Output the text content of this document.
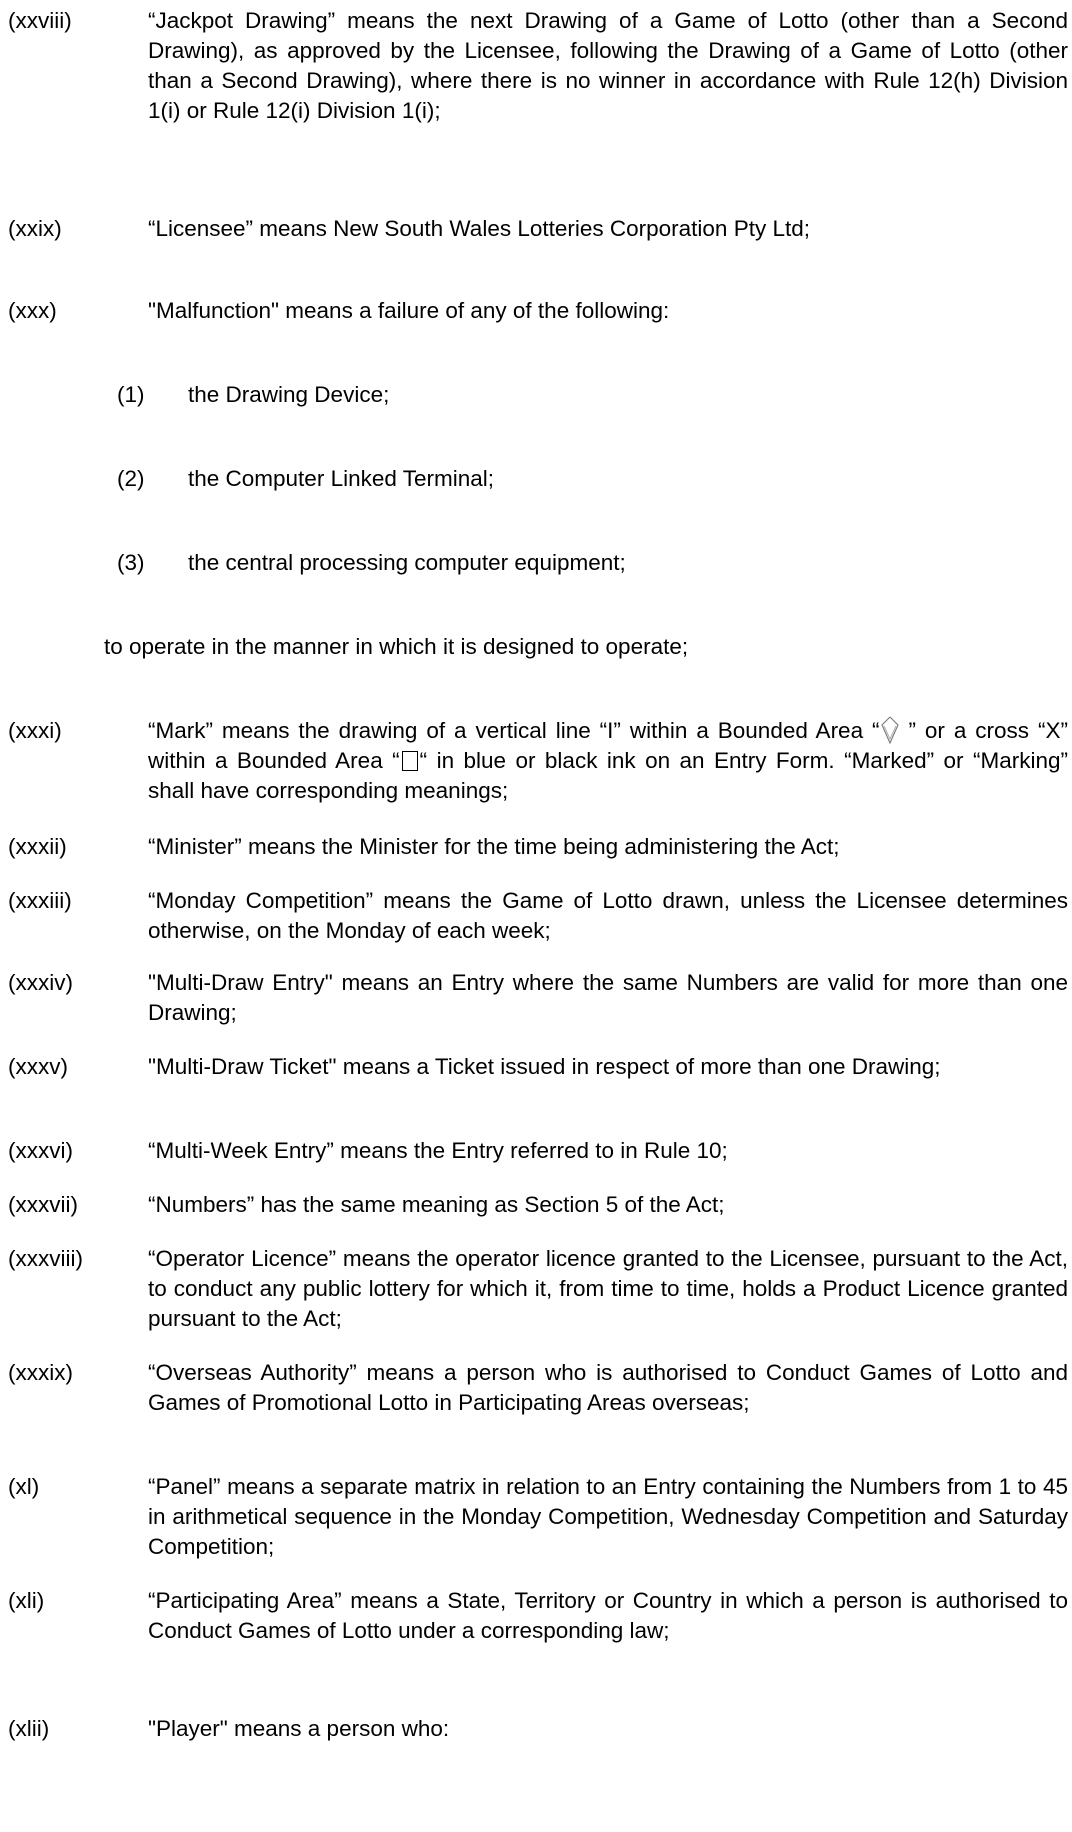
(xxviii)	“Jackpot Drawing” means the next Drawing of a Game of Lotto (other than a Second Drawing), as approved by the Licensee, following the Drawing of a Game of Lotto (other than a Second Drawing), where there is no winner in accordance with Rule 12(h) Division 1(i) or Rule 12(i) Division 1(i);
(xxix)	“Licensee” means New South Wales Lotteries Corporation Pty Ltd;
(xxx)	"Malfunction" means a failure of any of the following:
(1) the Drawing Device;
(2) the Computer Linked Terminal;
(3) the central processing computer equipment;
to operate in the manner in which it is designed to operate;
(xxxi)	“Mark” means the drawing of a vertical line “I” within a Bounded Area “ ” or a cross “X” within a Bounded Area “ “ in blue or black ink on an Entry Form. “Marked” or “Marking” shall have corresponding meanings;
(xxxii)	“Minister” means the Minister for the time being administering the Act;
(xxxiii)	“Monday Competition” means the Game of Lotto drawn, unless the Licensee determines otherwise, on the Monday of each week;
(xxxiv)	"Multi-Draw Entry" means an Entry where the same Numbers are valid for more than one Drawing;
(xxxv)	"Multi-Draw Ticket" means a Ticket issued in respect of more than one Drawing;
(xxxvi)	“Multi-Week Entry” means the Entry referred to in Rule 10;
(xxxvii)	“Numbers” has the same meaning as Section 5 of the Act;
(xxxviii)	“Operator Licence” means the operator licence granted to the Licensee, pursuant to the Act, to conduct any public lottery for which it, from time to time, holds a Product Licence granted pursuant to the Act;
(xxxix)	“Overseas Authority” means a person who is authorised to Conduct Games of Lotto and Games of Promotional Lotto in Participating Areas overseas;
(xl)	“Panel” means a separate matrix in relation to an Entry containing the Numbers from 1 to 45 in arithmetical sequence in the Monday Competition, Wednesday Competition and Saturday Competition;
(xli)	“Participating Area” means a State, Territory or Country in which a person is authorised to Conduct Games of Lotto under a corresponding law;
(xlii)	"Player" means a person who:
